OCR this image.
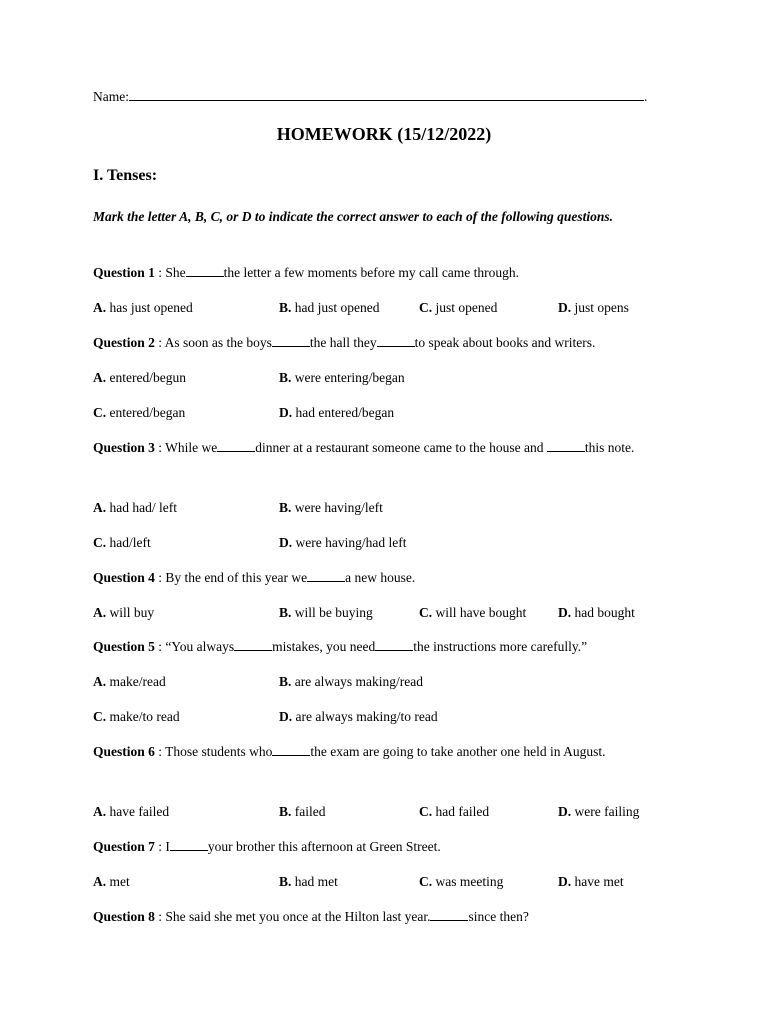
Name:	.
HOMEWORK (15/12/2022)
I. Tenses:
Mark the letter A, B, C, or D to indicate the correct answer to each of the following questions.
Question 1 : She	the letter a few moments before my call came through.
A. has just opened	B. had just opened	C. just opened	D. just opens
Question 2 : As soon as the boys	the hall they	to speak about books and writers.
A. entered/begun	B. were entering/began
C. entered/began	D. had entered/began
Question 3 : While we	dinner at a restaurant someone came to the house and	this note.
A. had had/ left	B. were having/left
C. had/left	D. were having/had left
Question 4 : By the end of this year we	a new house.
A. will buy	B. will be buying	C. will have bought D. had bought
Question 5 : “You always	mistakes, you need	the instructions more carefully.”
A. make/read	B. are always making/read
C. make/to read	D. are always making/to read
Question 6 : Those students who	the exam are going to take another one held in August.
A. have failed	B. failed	C. had failed	D. were failing
Question 7 : I	your brother this afternoon at Green Street.
A. met	B. had met	C. was meeting	D. have met
Question 8 : She said she met you once at the Hilton last year.	since then?
